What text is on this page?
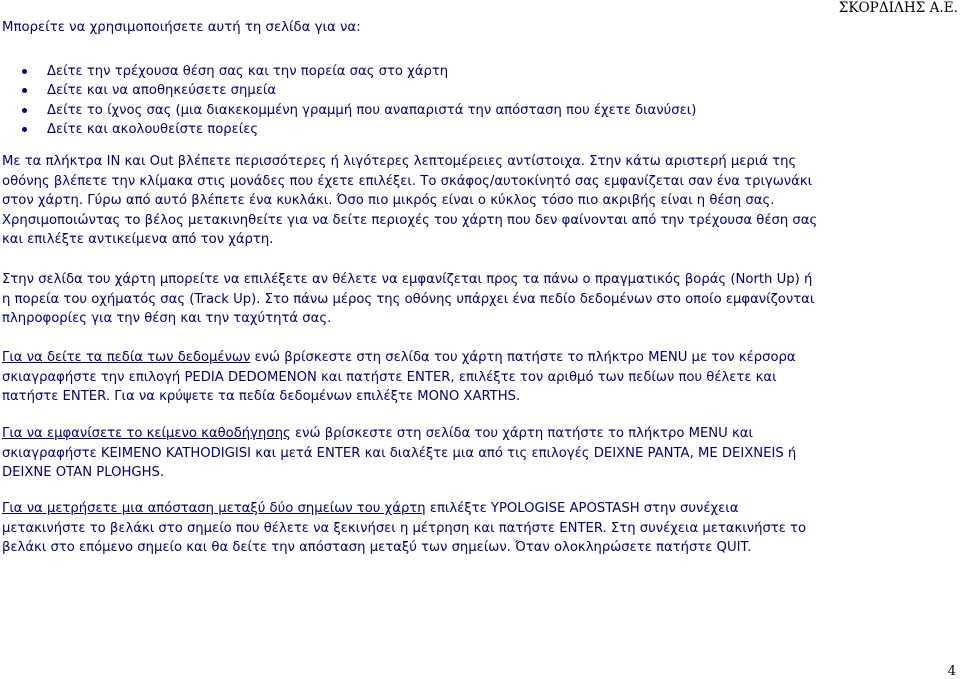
Μπορείτε να χρησιμοποιήσετε αυτή τη σελίδα για να:
ΣΚΟΡΔΙΛΗΣ Α.Ε.
Δείτε την τρέχουσα θέση σας και την πορεία σας στο χάρτη
Δείτε και να αποθηκεύσετε σημεία
Δείτε το ίχνος σας (μια διακεκομμένη γραμμή που αναπαριστά την απόσταση που έχετε διανύσει)
Δείτε και ακολουθείστε πορείες
Με τα πλήκτρα IN και Out βλέπετε περισσότερες ή λιγότερες λεπτομέρειες αντίστοιχα. Στην κάτω αριστερή μεριά της
οθόνης βλέπετε την κλίμακα στις μονάδες που έχετε επιλέξει. Το σκάφος/αυτοκίνητό σας εμφανίζεται σαν ένα τριγωνάκι
στον χάρτη. Γύρω από αυτό βλέπετε ένα κυκλάκι. Όσο πιο μικρός είναι ο κύκλος τόσο πιο ακριβής είναι η θέση σας.
Χρησιμοποιώντας το βέλος μετακινηθείτε για να δείτε περιοχές του χάρτη που δεν φαίνονται από την τρέχουσα θέση σας
και επιλέξτε αντικείμενα από τον χάρτη.
Στην σελίδα του χάρτη μπορείτε να επιλέξετε αν θέλετε να εμφανίζεται προς τα πάνω ο πραγματικός βοράς (North Up) ή
η πορεία του οχήματός σας (Track Up). Στο πάνω μέρος της οθόνης υπάρχει ένα πεδίο δεδομένων στο οποίο εμφανίζονται
πληροφορίες για την θέση και την ταχύτητά σας.
Για να δείτε τα πεδία των δεδομένων ενώ βρίσκεστε στη σελίδα του χάρτη πατήστε το πλήκτρο MENU με τον κέρσορα
σκιαγραφήστε την επιλογή PEDIA DEDOMENON και πατήστε ENTER, επιλέξτε τον αριθμό των πεδίων που θέλετε και
πατήστε ENTER. Για να κρύψετε τα πεδία δεδομένων επιλέξτε MONO XARTHS.
Για να εμφανίσετε το κείμενο καθοδήγησης ενώ βρίσκεστε στη σελίδα του χάρτη πατήστε το πλήκτρο MENU και
σκιαγραφήστε KEIMENO KATHODIGISI και μετά ENTER και διαλέξτε μια από τις επιλογές DEIXNE PANTA, ME DEIXNEIS ή
DEIXNE OTAN PLOHGHS.
Για να μετρήσετε μια απόσταση μεταξύ δύο σημείων του χάρτη επιλέξτε YPOLOGISE APOSTASH στην συνέχεια
μετακινήστε το βελάκι στο σημείο που θέλετε να ξεκινήσει η μέτρηση και πατήστε ENTER. Στη συνέχεια μετακινήστε το
βελάκι στο επόμενο σημείο και θα δείτε την απόσταση μεταξύ των σημείων. Όταν ολοκληρώσετε πατήστε QUIT.
4
